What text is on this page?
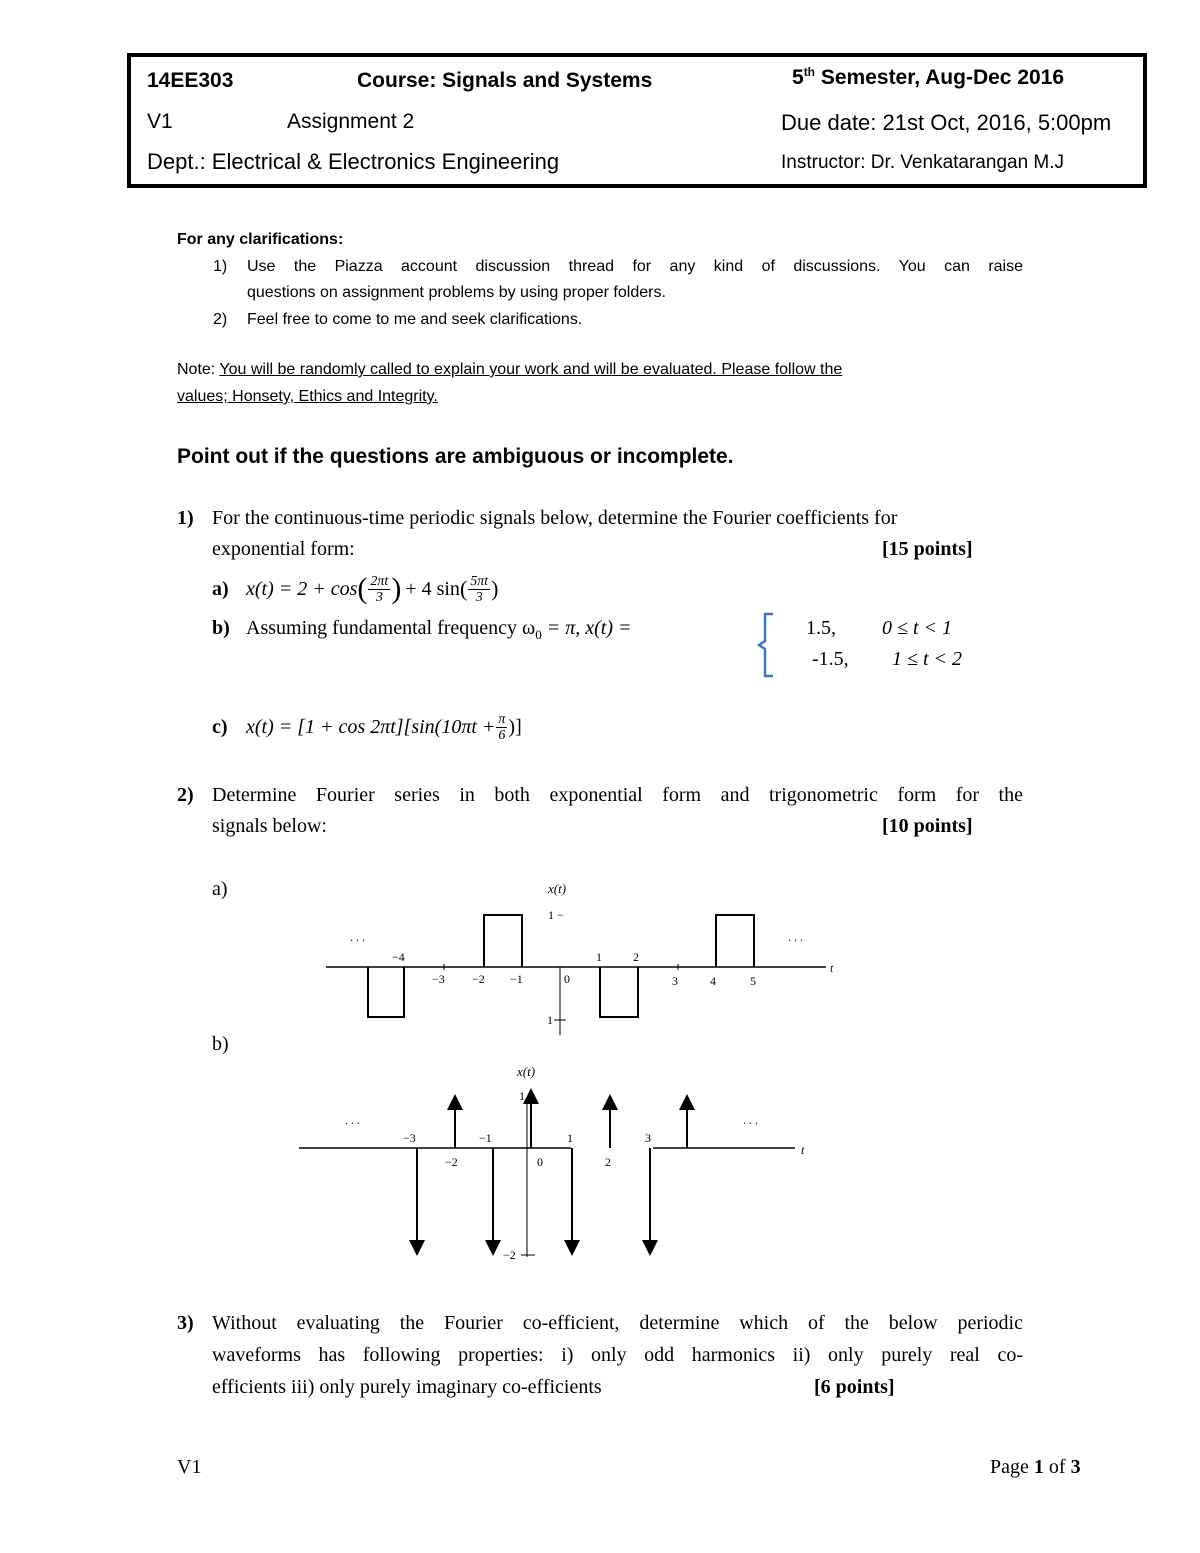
14EE303	Course: Signals and Systems	5th Semester, Aug-Dec 2016
V1	Assignment 2	Due date: 21st Oct, 2016, 5:00pm
Dept.: Electrical & Electronics Engineering	Instructor: Dr. Venkatarangan M.J
For any clarifications:
1) Use the Piazza account discussion thread for any kind of discussions. You can raise
questions on assignment problems by using proper folders.
2) Feel free to come to me and seek clarifications.
Note: You will be randomly called to explain your work and will be evaluated. Please follow the
values; Honsety, Ethics and Integrity.
Point out if the questions are ambiguous or incomplete.
1) For the continuous-time periodic signals below, determine the Fourier coefficients for
exponential form:	[15 points]
a) x(t) = 2 + cos ( $\frac{2\pi t}{3}$ ) + 4 sin ( $\frac{5\pi t}{3}$ )
b) Assuming fundamental frequency $\omega_0 = \pi$, x(t) =	1.5, 0 ≤ t < 1
-1.5, 1 ≤ t < 2
c) $x(t) = [1 + \cos 2\pi t][\sin(10\pi t + \frac{\pi}{6}$ )]
2) Determine Fourier series in both exponential form and trigonometric form for the
signals below:	[10 points]
a)	x(t)
1 −
1
t
. . .	. . .
−4
−3 −2 −1	0
1	2
3	4	5
b)
x(t)
1
−2
t
. . .	. . .
−3
−2
−1
0
1
2
3
3) Without evaluating the Fourier co-efficient, determine which of the below periodic
waveforms has following properties: i) only odd harmonics ii) only purely real co-
efficients iii) only purely imaginary co-efficients	[6 points]
V1	Page 1 of 3
